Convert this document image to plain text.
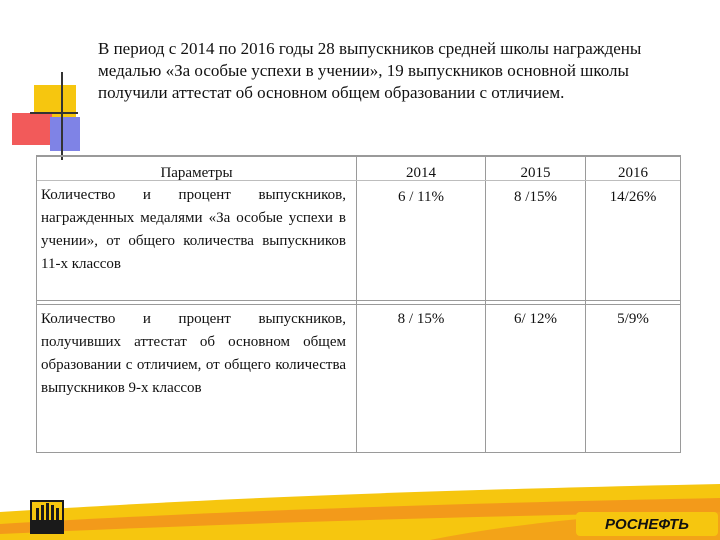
В период с 2014 по 2016 годы 28 выпускников средней школы награждены медалью «За особые успехи в учении», 19 выпускников основной школы получили аттестат об основном общем образовании с отличием.
Параметры	2014	2015	2016
Количество и процент выпускников, награжденных медалями «За особые успехи в учении», от общего количества выпускников 11-х классов
6 / 11%	8 /15%	14/26%
Количество и процент выпускников, получивших аттестат об основном общем образовании с отличием, от общего количества выпускников 9-х классов
8 / 15%	6/ 12%	5/9%
РОСНЕФТЬ
